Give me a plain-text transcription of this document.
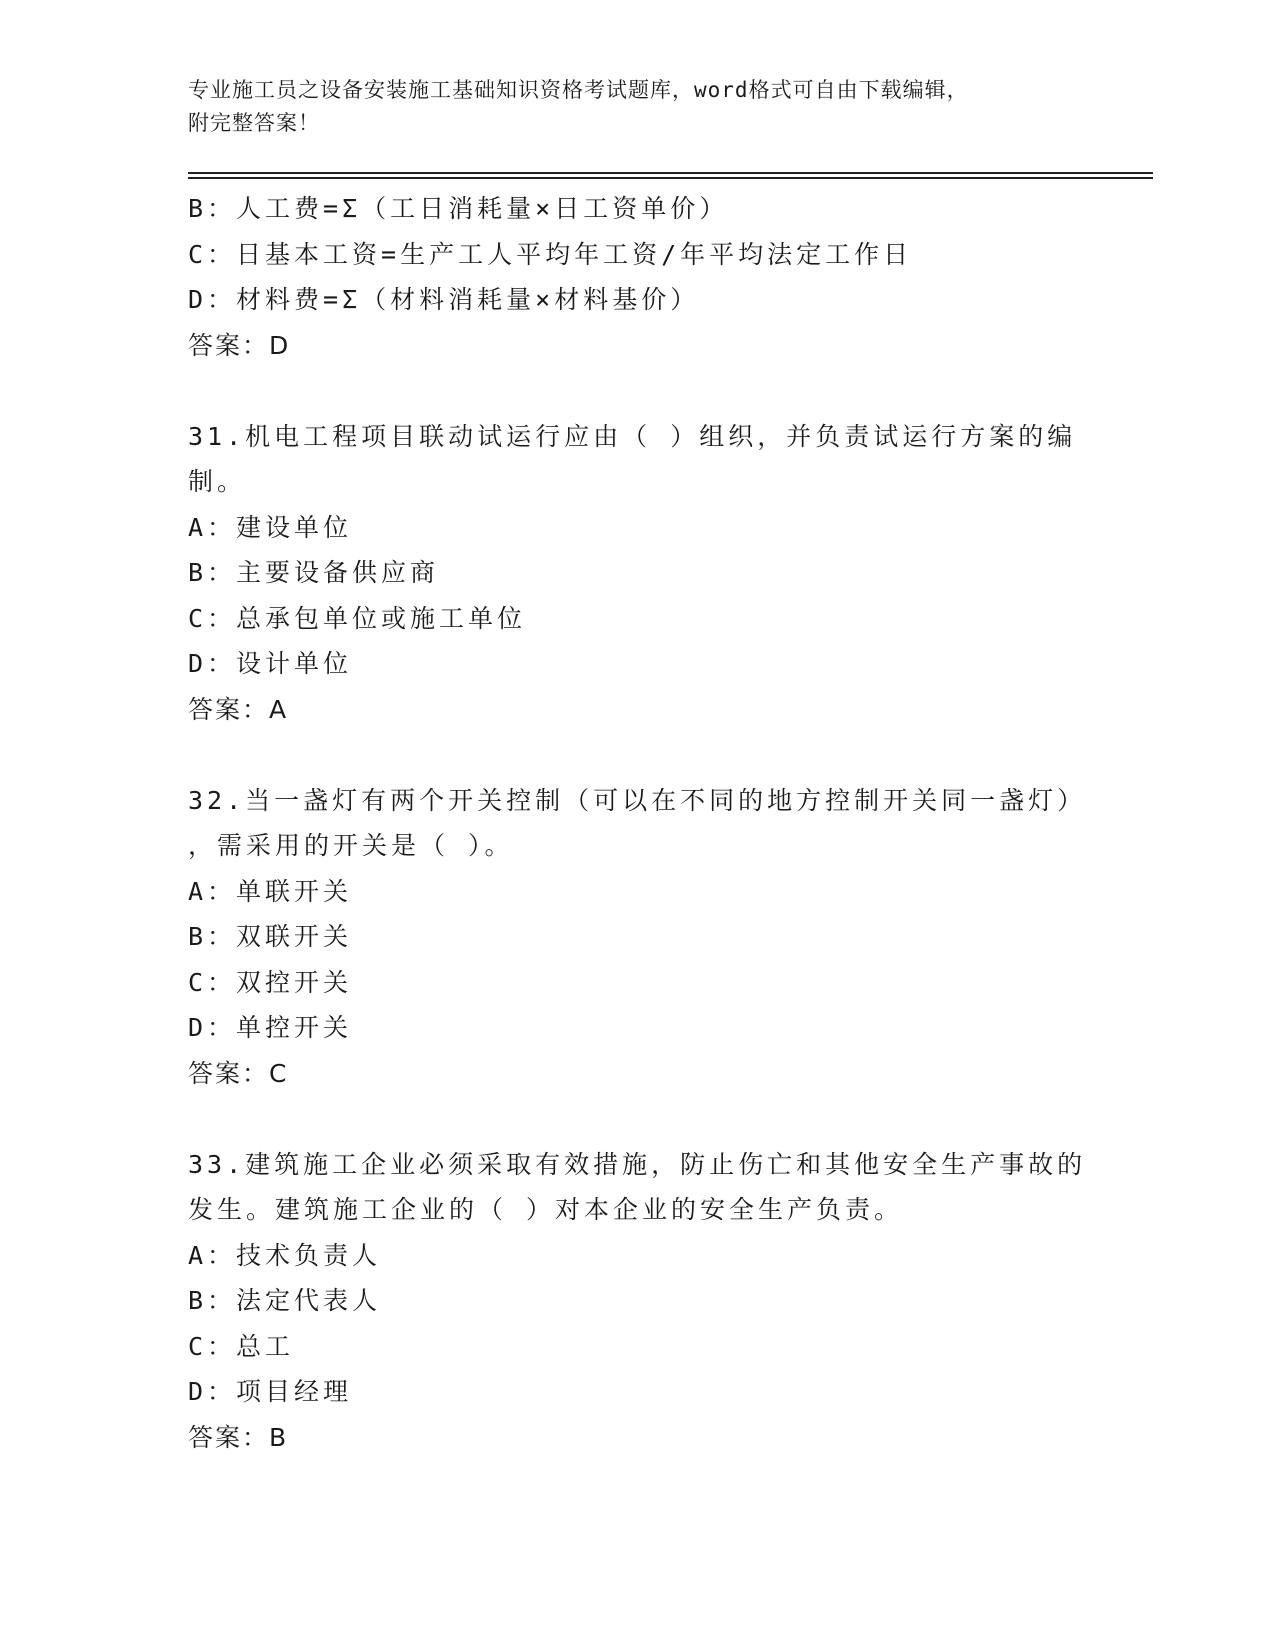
专业施工员之设备安装施工基础知识资格考试题库，word格式可自由下载编辑，
附完整答案！
B：人工费=Σ（工日消耗量×日工资单价）
C：日基本工资=生产工人平均年工资/年平均法定工作日
D：材料费=Σ（材料消耗量×材料基价）
答案：D
31.机电工程项目联动试运行应由（ ）组织，并负责试运行方案的编
制。
A：建设单位
B：主要设备供应商
C：总承包单位或施工单位
D：设计单位
答案：A
32.当一盏灯有两个开关控制（可以在不同的地方控制开关同一盏灯）
，需采用的开关是（ ）。
A：单联开关
B：双联开关
C：双控开关
D：单控开关
答案：C
33.建筑施工企业必须采取有效措施，防止伤亡和其他安全生产事故的
发生。建筑施工企业的（ ）对本企业的安全生产负责。
A：技术负责人
B：法定代表人
C：总工
D：项目经理
答案：B
